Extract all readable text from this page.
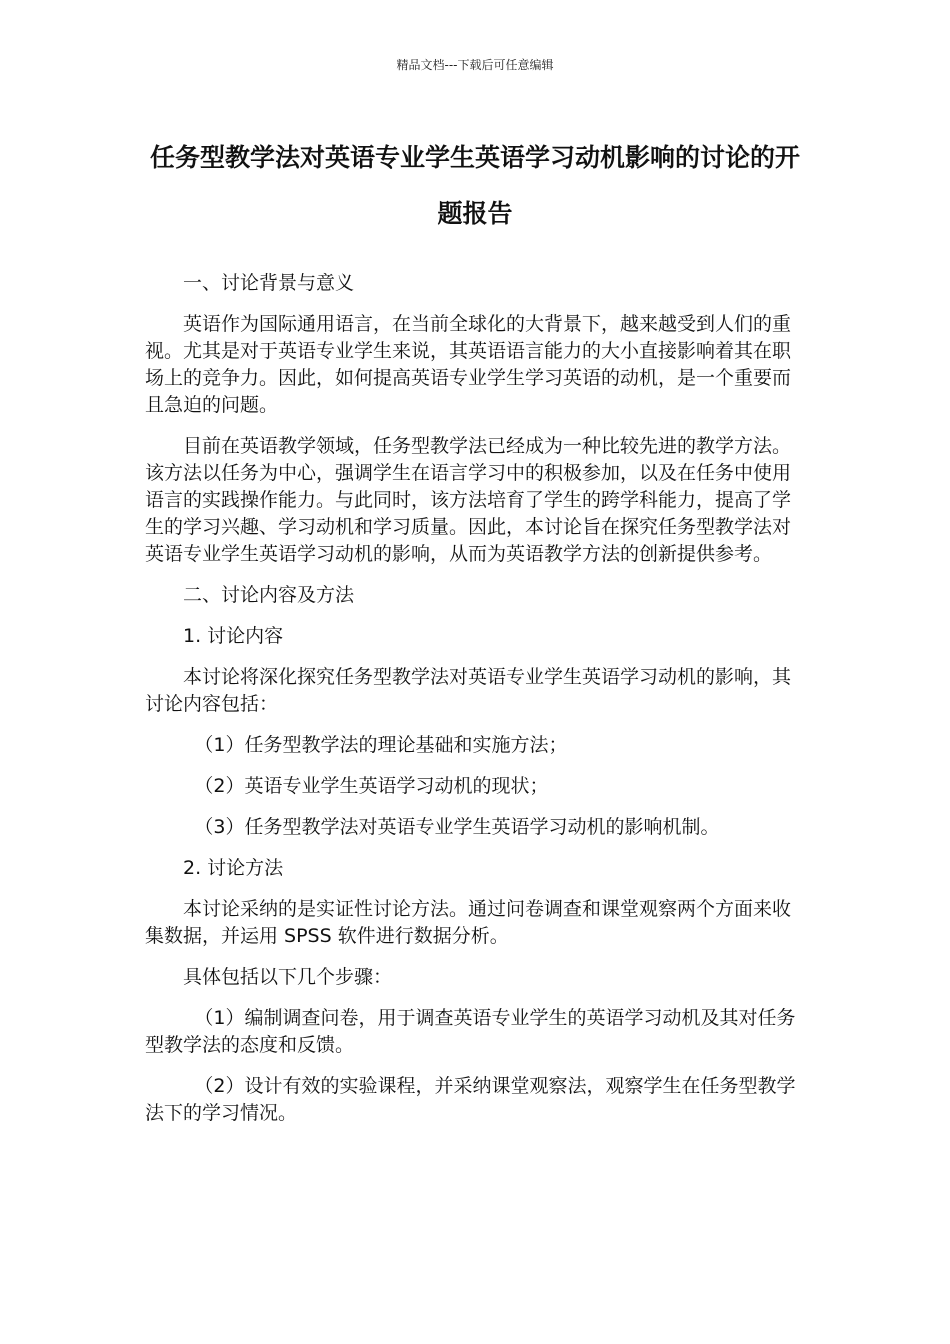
精品文档---下载后可任意编辑
任务型教学法对英语专业学生英语学习动机影响的讨论的开题报告

一、讨论背景与意义

英语作为国际通用语言，在当前全球化的大背景下，越来越受到人们的重视。尤其是对于英语专业学生来说，其英语语言能力的大小直接影响着其在职场上的竞争力。因此，如何提高英语专业学生学习英语的动机，是一个重要而且急迫的问题。

目前在英语教学领域，任务型教学法已经成为一种比较先进的教学方法。该方法以任务为中心，强调学生在语言学习中的积极参加，以及在任务中使用语言的实践操作能力。与此同时，该方法培育了学生的跨学科能力，提高了学生的学习兴趣、学习动机和学习质量。因此，本讨论旨在探究任务型教学法对英语专业学生英语学习动机的影响，从而为英语教学方法的创新提供参考。

二、讨论内容及方法

1. 讨论内容

本讨论将深化探究任务型教学法对英语专业学生英语学习动机的影响，其讨论内容包括：

（1）任务型教学法的理论基础和实施方法；

（2）英语专业学生英语学习动机的现状；

（3）任务型教学法对英语专业学生英语学习动机的影响机制。

2. 讨论方法

本讨论采纳的是实证性讨论方法。通过问卷调查和课堂观察两个方面来收集数据，并运用 SPSS 软件进行数据分析。

具体包括以下几个步骤：

（1）编制调查问卷，用于调查英语专业学生的英语学习动机及其对任务型教学法的态度和反馈。

（2）设计有效的实验课程，并采纳课堂观察法，观察学生在任务型教学法下的学习情况。
